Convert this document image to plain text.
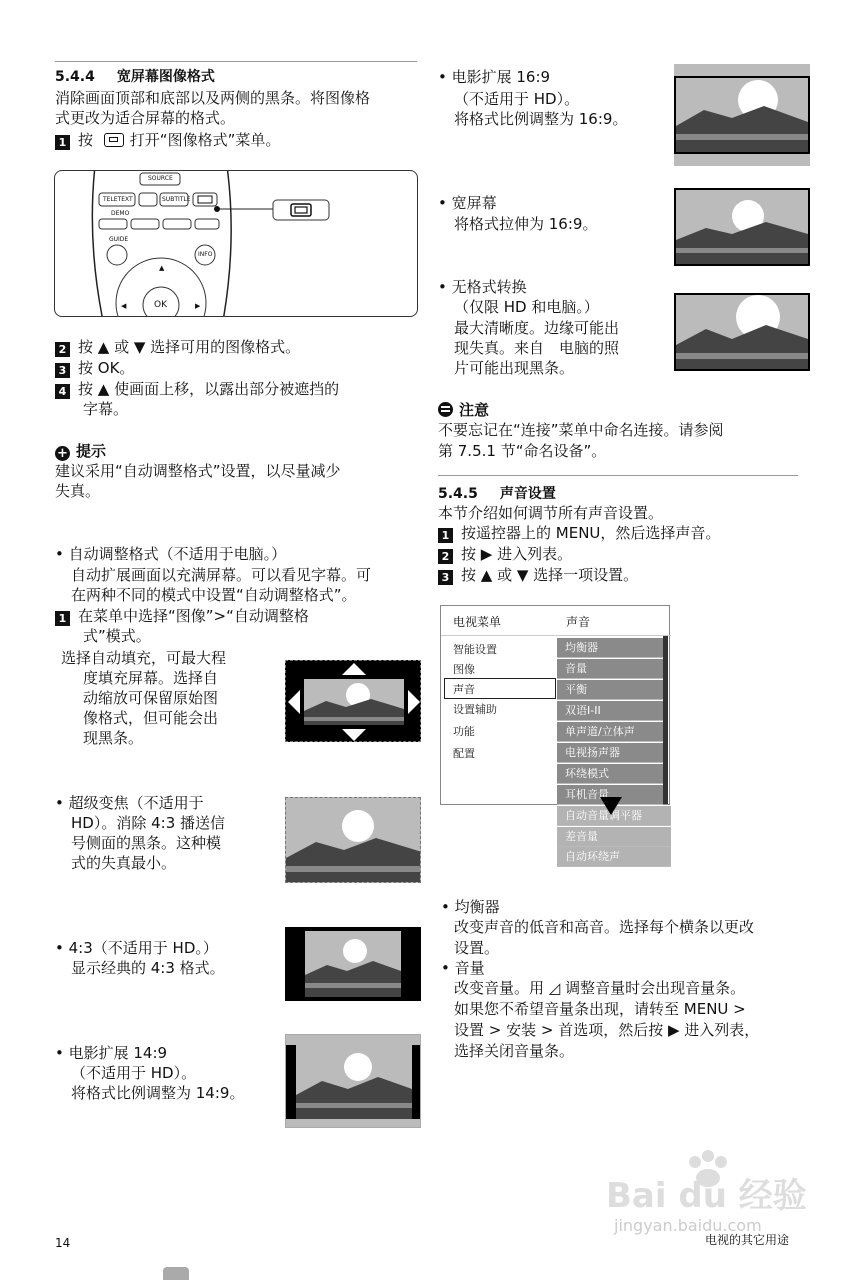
5.4.4 宽屏幕图像格式
消除画面顶部和底部以及两侧的黑条。将图像格
式更改为适合屏幕的格式。
1 按 打开“图像格式”菜单。
▲
◀	▶
SOURCE
TELETEXT	SUBTITLE
DEMO
GUIDE
INFO
OK
2 按 ▲ 或 ▼ 选择可用的图像格式。
3 按 OK。
4 按 ▲ 使画面上移，以露出部分被遮挡的
字幕。
+ 提示
建议采用“自动调整格式”设置，以尽量减少
失真。
• 自动调整格式（不适用于电脑。）
自动扩展画面以充满屏幕。可以看见字幕。可
在两种不同的模式中设置“自动调整格式”。
1 在菜单中选择“图像”>“自动调整格
式”模式。
选择自动填充，可最大程
度填充屏幕。选择自
动缩放可保留原始图
像格式，但可能会出
现黑条。
• 超级变焦（不适用于
HD）。消除 4:3 播送信
号侧面的黑条。这种模
式的失真最小。
• 4:3（不适用于 HD。）
显示经典的 4:3 格式。
• 电影扩展 14:9
（不适用于 HD）。
将格式比例调整为 14:9。
• 电影扩展 16:9
（不适用于 HD）。
将格式比例调整为 16:9。
• 宽屏幕
将格式拉伸为 16:9。
• 无格式转换
（仅限 HD 和电脑。）
最大清晰度。边缘可能出
现失真。来自　电脑的照
片可能出现黑条。
注意
不要忘记在“连接”菜单中命名连接。请参阅
第 7.5.1 节“命名设备”。
5.4.5 声音设置
本节介绍如何调节所有声音设置。
1 按遥控器上的 MENU，然后选择声音。
2 按 ▶ 进入列表。
3 按 ▲ 或 ▼ 选择一项设置。
电视菜单	声音
智能设置
图像
设置辅助
功能
配置
声音
均衡器
音量
平衡
双语I-II
单声道/立体声
电视扬声器
环绕模式
耳机音量
自动音量调平器
差音量
自动环绕声
• 均衡器
改变声音的低音和高音。选择每个横条以更改
设置。
• 音量
改变音量。用 ◿ 调整音量时会出现音量条。
如果您不希望音量条出现，请转至 MENU >
设置 > 安装 > 首选项，然后按 ▶ 进入列表，
选择关闭音量条。
Bai du 经验
jingyan.baidu.com
14	电视的其它用途
